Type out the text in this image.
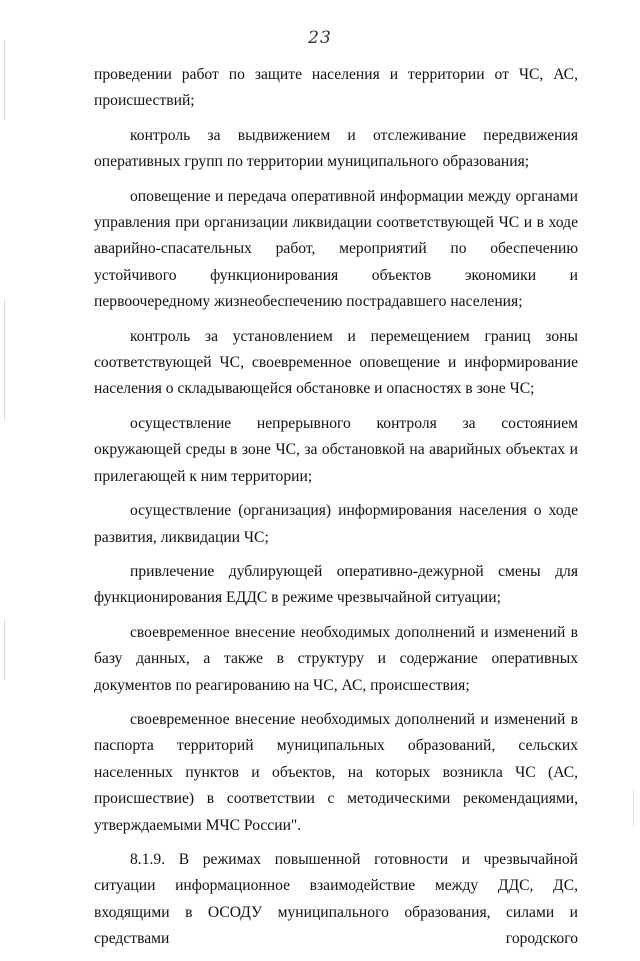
23

проведении работ по защите населения и территории от ЧС, АС, происшествий;

контроль за выдвижением и отслеживание передвижения оперативных групп по территории муниципального образования;

оповещение и передача оперативной информации между органами управления при организации ликвидации соответствующей ЧС и в ходе аварийно-спасательных работ, мероприятий по обеспечению устойчивого функционирования объектов экономики и первоочередному жизнеобеспечению пострадавшего населения;

контроль за установлением и перемещением границ зоны соответствующей ЧС, своевременное оповещение и информирование населения о складывающейся обстановке и опасностях в зоне ЧС;

осуществление непрерывного контроля за состоянием окружающей среды в зоне ЧС, за обстановкой на аварийных объектах и прилегающей к ним территории;

осуществление (организация) информирования населения о ходе развития, ликвидации ЧС;

привлечение дублирующей оперативно-дежурной смены для функционирования ЕДДС в режиме чрезвычайной ситуации;

своевременное внесение необходимых дополнений и изменений в базу данных, а также в структуру и содержание оперативных документов по реагированию на ЧС, АС, происшествия;

своевременное внесение необходимых дополнений и изменений в паспорта территорий муниципальных образований, сельских населенных пунктов и объектов, на которых возникла ЧС (АС, происшествие) в соответствии с методическими рекомендациями, утверждаемыми МЧС России".

8.1.9. В режимах повышенной готовности и чрезвычайной ситуации информационное взаимодействие между ДДС, ДС, входящими в ОСОДУ муниципального образования, силами и средствами городского
